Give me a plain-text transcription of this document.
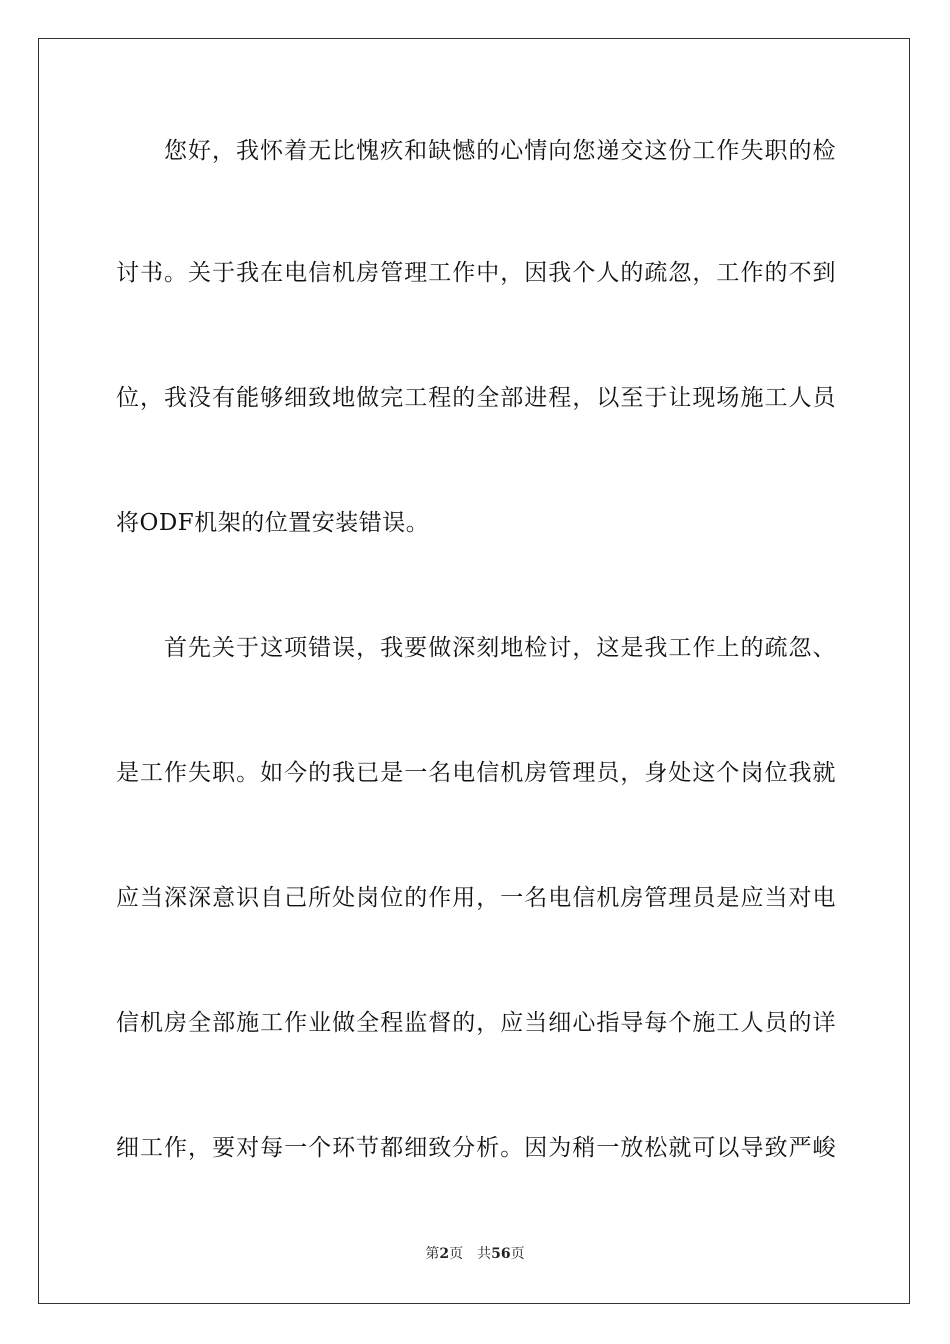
您好，我怀着无比愧疚和缺憾的心情向您递交这份工作失职的检
讨书。关于我在电信机房管理工作中，因我个人的疏忽，工作的不到
位，我没有能够细致地做完工程的全部进程，以至于让现场施工人员
将ODF机架的位置安装错误。
首先关于这项错误，我要做深刻地检讨，这是我工作上的疏忽、
是工作失职。如今的我已是一名电信机房管理员，身处这个岗位我就
应当深深意识自己所处岗位的作用，一名电信机房管理员是应当对电
信机房全部施工作业做全程监督的，应当细心指导每个施工人员的详
细工作，要对每一个环节都细致分析。因为稍一放松就可以导致严峻
第2页 共56页
